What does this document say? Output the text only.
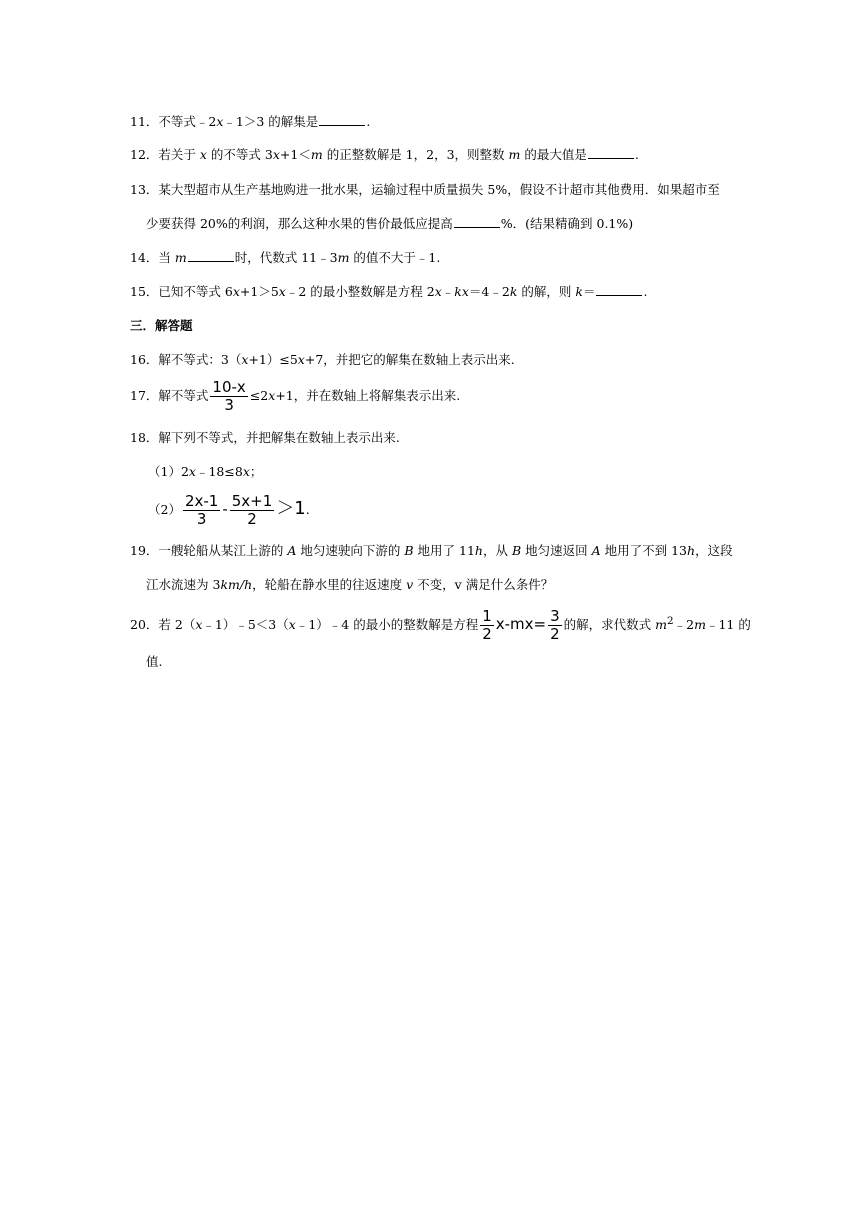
11．不等式﹣2x﹣1＞3 的解集是	.
12．若关于 x 的不等式 3x+1＜m 的正整数解是 1，2，3，则整数 m 的最大值是	.
13．某大型超市从生产基地购进一批水果，运输过程中质量损失 5%，假设不计超市其他费用．如果超市至
少要获得 20%的利润，那么这种水果的售价最低应提高	%．(结果精确到 0.1%)
14．当 m	时，代数式 11﹣3m 的值不大于﹣1.
15．已知不等式 6x+1＞5x﹣2 的最小整数解是方程 2x﹣kx＝4﹣2k 的解，则 k＝	.
三．解答题
16．解不等式：3（x+1）≤5x+7，并把它的解集在数轴上表示出来.
17．解不等式 $\frac{10-x}{3} \le 2x+1$，并在数轴上将解集表示出来.
18．解下列不等式，并把解集在数轴上表示出来.
（1）2x﹣18≤8x；
$(2) \frac{2x-1}{3} - \frac{5x+1}{2} >1$.
19．一艘轮船从某江上游的 A 地匀速驶向下游的 B 地用了 11h，从 B 地匀速返回 A 地用了不到 13h，这段
江水流速为 3km/h，轮船在静水里的往返速度 v 不变，v 满足什么条件？
20．若 2（x﹣1）﹣5＜3（x﹣1）﹣4 的最小的整数解是方程 $\frac{1}{2} x-mx= \frac{3}{2}$ 的解，求代数式 $m^2﹣2m﹣11$ 的
值.
